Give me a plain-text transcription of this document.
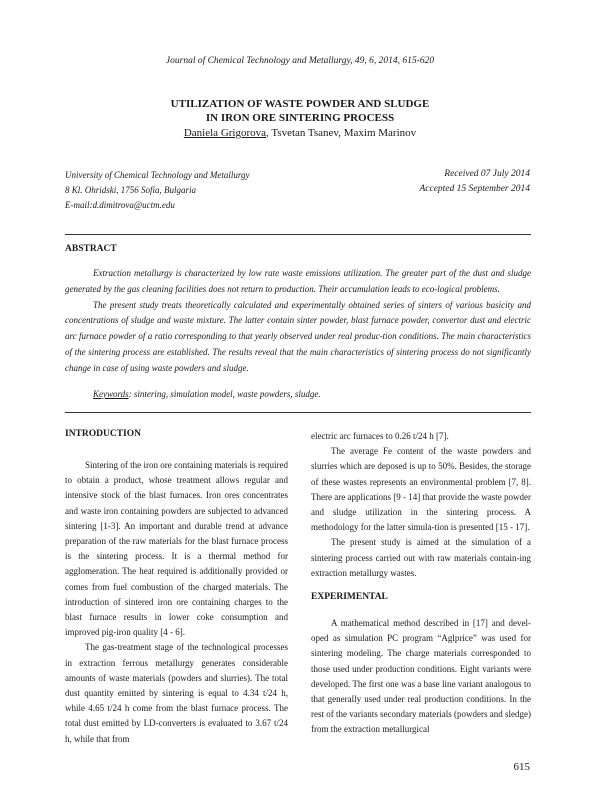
Journal of Chemical Technology and Metallurgy, 49, 6, 2014, 615-620
UTILIZATION OF WASTE POWDER AND SLUDGE
IN IRON ORE SINTERING PROCESS
Daniela Grigorova, Tsvetan Tsanev, Maxim Marinov
University of Chemical Technology and Metallurgy
8 Kl. Ohridski, 1756 Sofia, Bulgaria
E-mail:d.dimitrova@uctm.edu
Received 07 July 2014
Accepted 15 September 2014
ABSTRACT

Extraction metallurgy is characterized by low rate waste emissions utilization. The greater part of the dust and sludge generated by the gas cleaning facilities does not return to production. Their accumulation leads to eco-logical problems.

The present study treats theoretically calculated and experimentally obtained series of sinters of various basicity and concentrations of sludge and waste mixture. The latter contain sinter powder, blast furnace powder, convertor dust and electric arc furnace powder of a ratio corresponding to that yearly observed under real produc-tion conditions. The main characteristics of the sintering process are established. The results reveal that the main characteristics of sintering process do not significantly change in case of using waste powders and sludge.

Keywords: sintering, simulation model, waste powders, sludge.
INTRODUCTION

Sintering of the iron ore containing materials is required to obtain a product, whose treatment allows regular and intensive stock of the blast furnaces. Iron ores concentrates and waste iron containing powders are subjected to advanced sintering [1-3]. An important and durable trend at advance preparation of the raw materials for the blast furnace process is the sintering process. It is a thermal method for agglomeration. The heat required is additionally provided or comes from fuel combustion of the charged materials. The introduction of sintered iron ore containing charges to the blast furnace results in lower coke consumption and improved pig-iron quality [4 - 6].

The gas-treatment stage of the technological processes in extraction ferrous metallurgy generates considerable amounts of waste materials (powders and slurries). The total dust quantity emitted by sintering is equal to 4.34 t/24 h, while 4.65 t/24 h come from the blast furnace process. The total dust emitted by LD-converters is evaluated to 3.67 t/24 h, while that from

electric arc furnaces to 0.26 t/24 h [7].

The average Fe content of the waste powders and slurries which are deposed is up to 50%. Besides, the storage of these wastes represents an environmental problem [7, 8]. There are applications [9 - 14] that provide the waste powder and sludge utilization in the sintering process. A methodology for the latter simula-tion is presented [15 - 17].

The present study is aimed at the simulation of a sintering process carried out with raw materials contain-ing extraction metallurgy wastes.

EXPERIMENTAL

A mathematical method described in [17] and devel-oped as simulation PC program “Aglprice” was used for sintering modeling. The charge materials corresponded to those used under production conditions. Eight variants were developed. The first one was a base line variant analogous to that generally used under real production conditions. In the rest of the variants secondary materials (powders and sledge) from the extraction metallurgical

615
